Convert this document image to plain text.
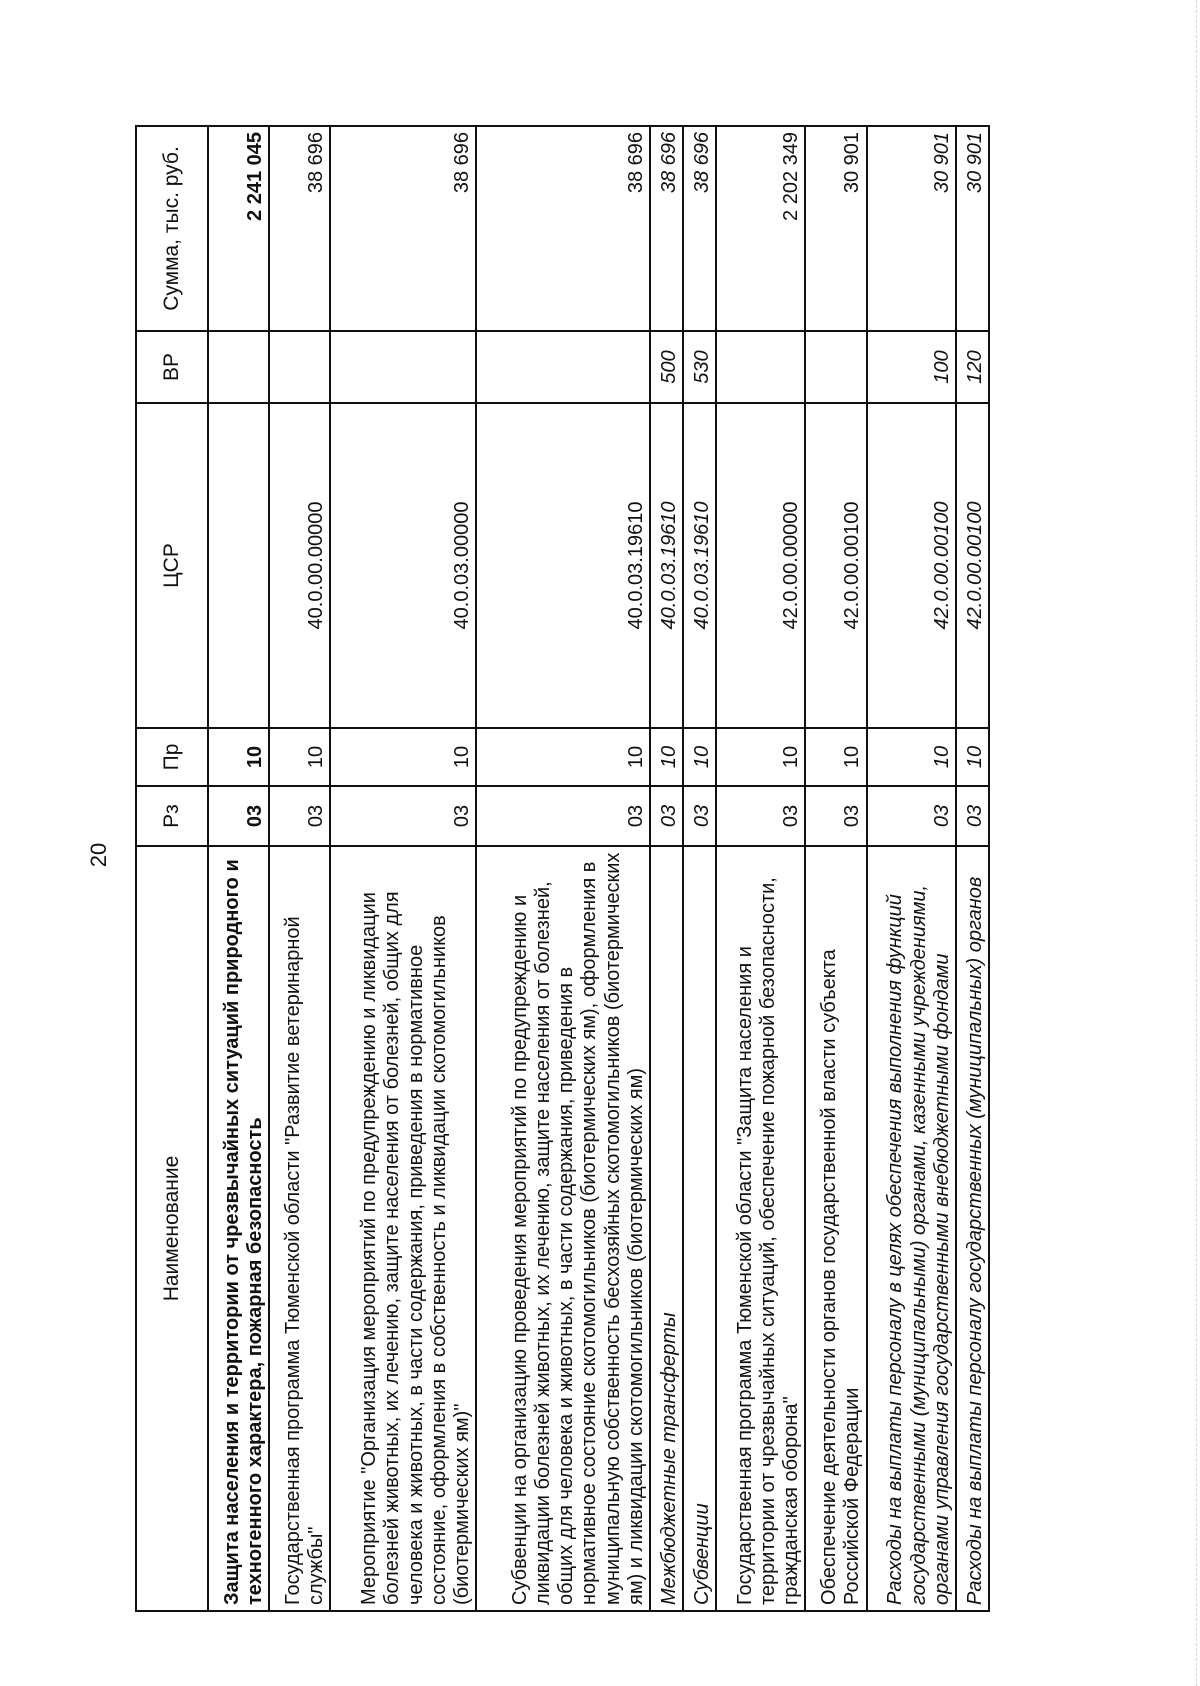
20
Наименование	Рз	Пр	ЦСР	ВР	Сумма, тыс. руб.
Защита населения и территории от чрезвычайных ситуаций природного и техногенного характера, пожарная безопасность	03	10			2 241 045
Государственная программа Тюменской области "Развитие ветеринарной службы"	03	10	40.0.00.00000		38 696
Мероприятие "Организация мероприятий по предупреждению и ликвидации болезней животных, их лечению, защите населения от болезней, общих для человека и животных, в части содержания, приведения в нормативное состояние, оформления в собственность и ликвидации скотомогильников (биотермических ям)"	03	10	40.0.03.00000		38 696
Субвенции на организацию проведения мероприятий по предупреждению и ликвидации болезней животных, их лечению, защите населения от болезней, общих для человека и животных, в части содержания, приведения в нормативное состояние скотомогильников (биотермических ям), оформления в муниципальную собственность бесхозяйных скотомогильников (биотермических ям) и ликвидации скотомогильников (биотермических ям)	03	10	40.0.03.19610		38 696
Межбюджетные трансферты	03	10	40.0.03.19610	500	38 696
Субвенции	03	10	40.0.03.19610	530	38 696
Государственная программа Тюменской области "Защита населения и территории от чрезвычайных ситуаций, обеспечение пожарной безопасности, гражданская оборона"	03	10	42.0.00.00000		2 202 349
Обеспечение деятельности органов государственной власти субъекта Российской Федерации	03	10	42.0.00.00100		30 901
Расходы на выплаты персоналу в целях обеспечения выполнения функций государственными (муниципальными) органами, казенными учреждениями, органами управления государственными внебюджетными фондами	03	10	42.0.00.00100	100	30 901
Расходы на выплаты персоналу государственных (муниципальных) органов	03	10	42.0.00.00100	120	30 901
